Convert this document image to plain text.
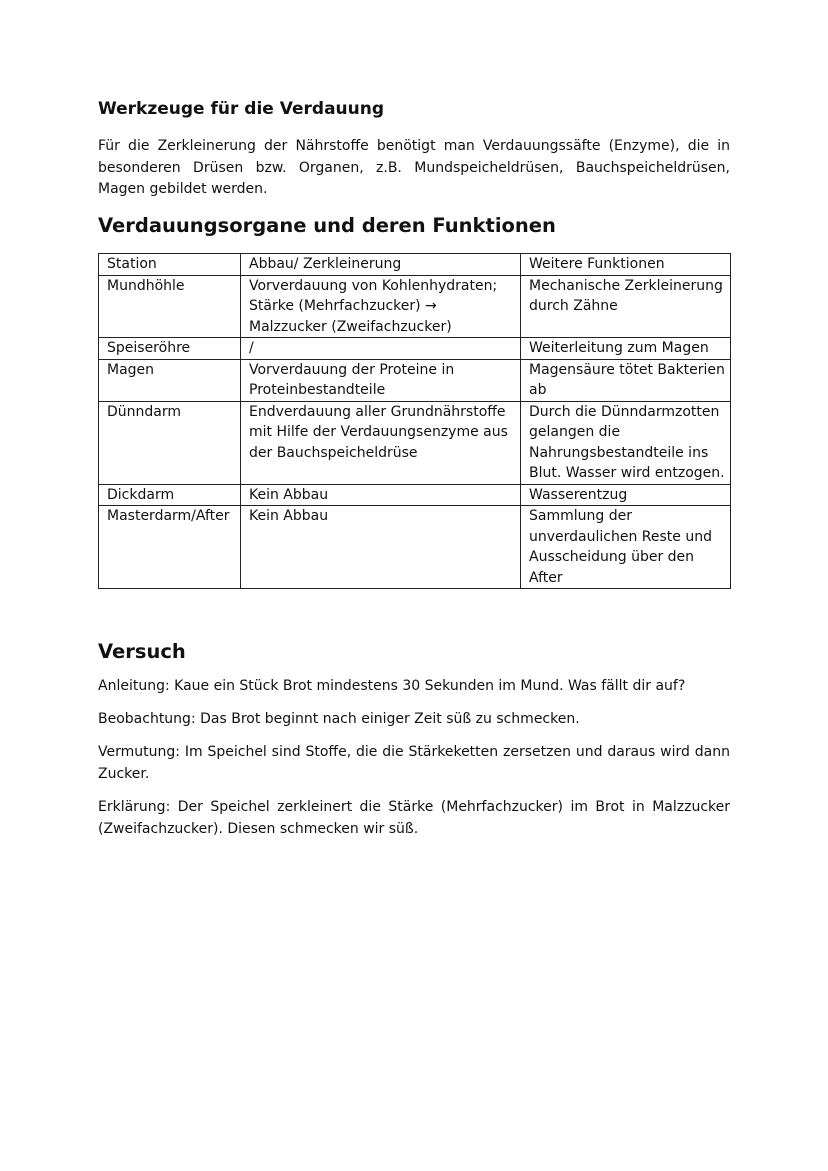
Werkzeuge für die Verdauung

Für die Zerkleinerung der Nährstoffe benötigt man Verdauungssäfte (Enzyme), die in besonderen Drüsen bzw. Organen, z.B. Mundspeicheldrüsen, Bauchspeicheldrüsen, Magen gebildet werden.

Verdauungsorgane und deren Funktionen
Station	Abbau/ Zerkleinerung	Weitere Funktionen
Mundhöhle	Vorverdauung von Kohlenhydraten; Stärke (Mehrfachzucker) → Malzzucker (Zweifachzucker)	Mechanische Zerkleinerung durch Zähne
Speiseröhre	/	Weiterleitung zum Magen
Magen	Vorverdauung der Proteine in Proteinbestandteile	Magensäure tötet Bakterien ab
Dünndarm	Endverdauung aller Grundnährstoffe mit Hilfe der Verdauungsenzyme aus der Bauchspeicheldrüse	Durch die Dünndarmzotten gelangen die Nahrungsbestandteile ins Blut. Wasser wird entzogen.
Dickdarm	Kein Abbau	Wasserentzug
Masterdarm/After	Kein Abbau	Sammlung der unverdaulichen Reste und Ausscheidung über den After
Versuch

Anleitung: Kaue ein Stück Brot mindestens 30 Sekunden im Mund. Was fällt dir auf?

Beobachtung: Das Brot beginnt nach einiger Zeit süß zu schmecken.

Vermutung: Im Speichel sind Stoffe, die die Stärkeketten zersetzen und daraus wird dann Zucker.

Erklärung: Der Speichel zerkleinert die Stärke (Mehrfachzucker) im Brot in Malzzucker (Zweifachzucker). Diesen schmecken wir süß.
